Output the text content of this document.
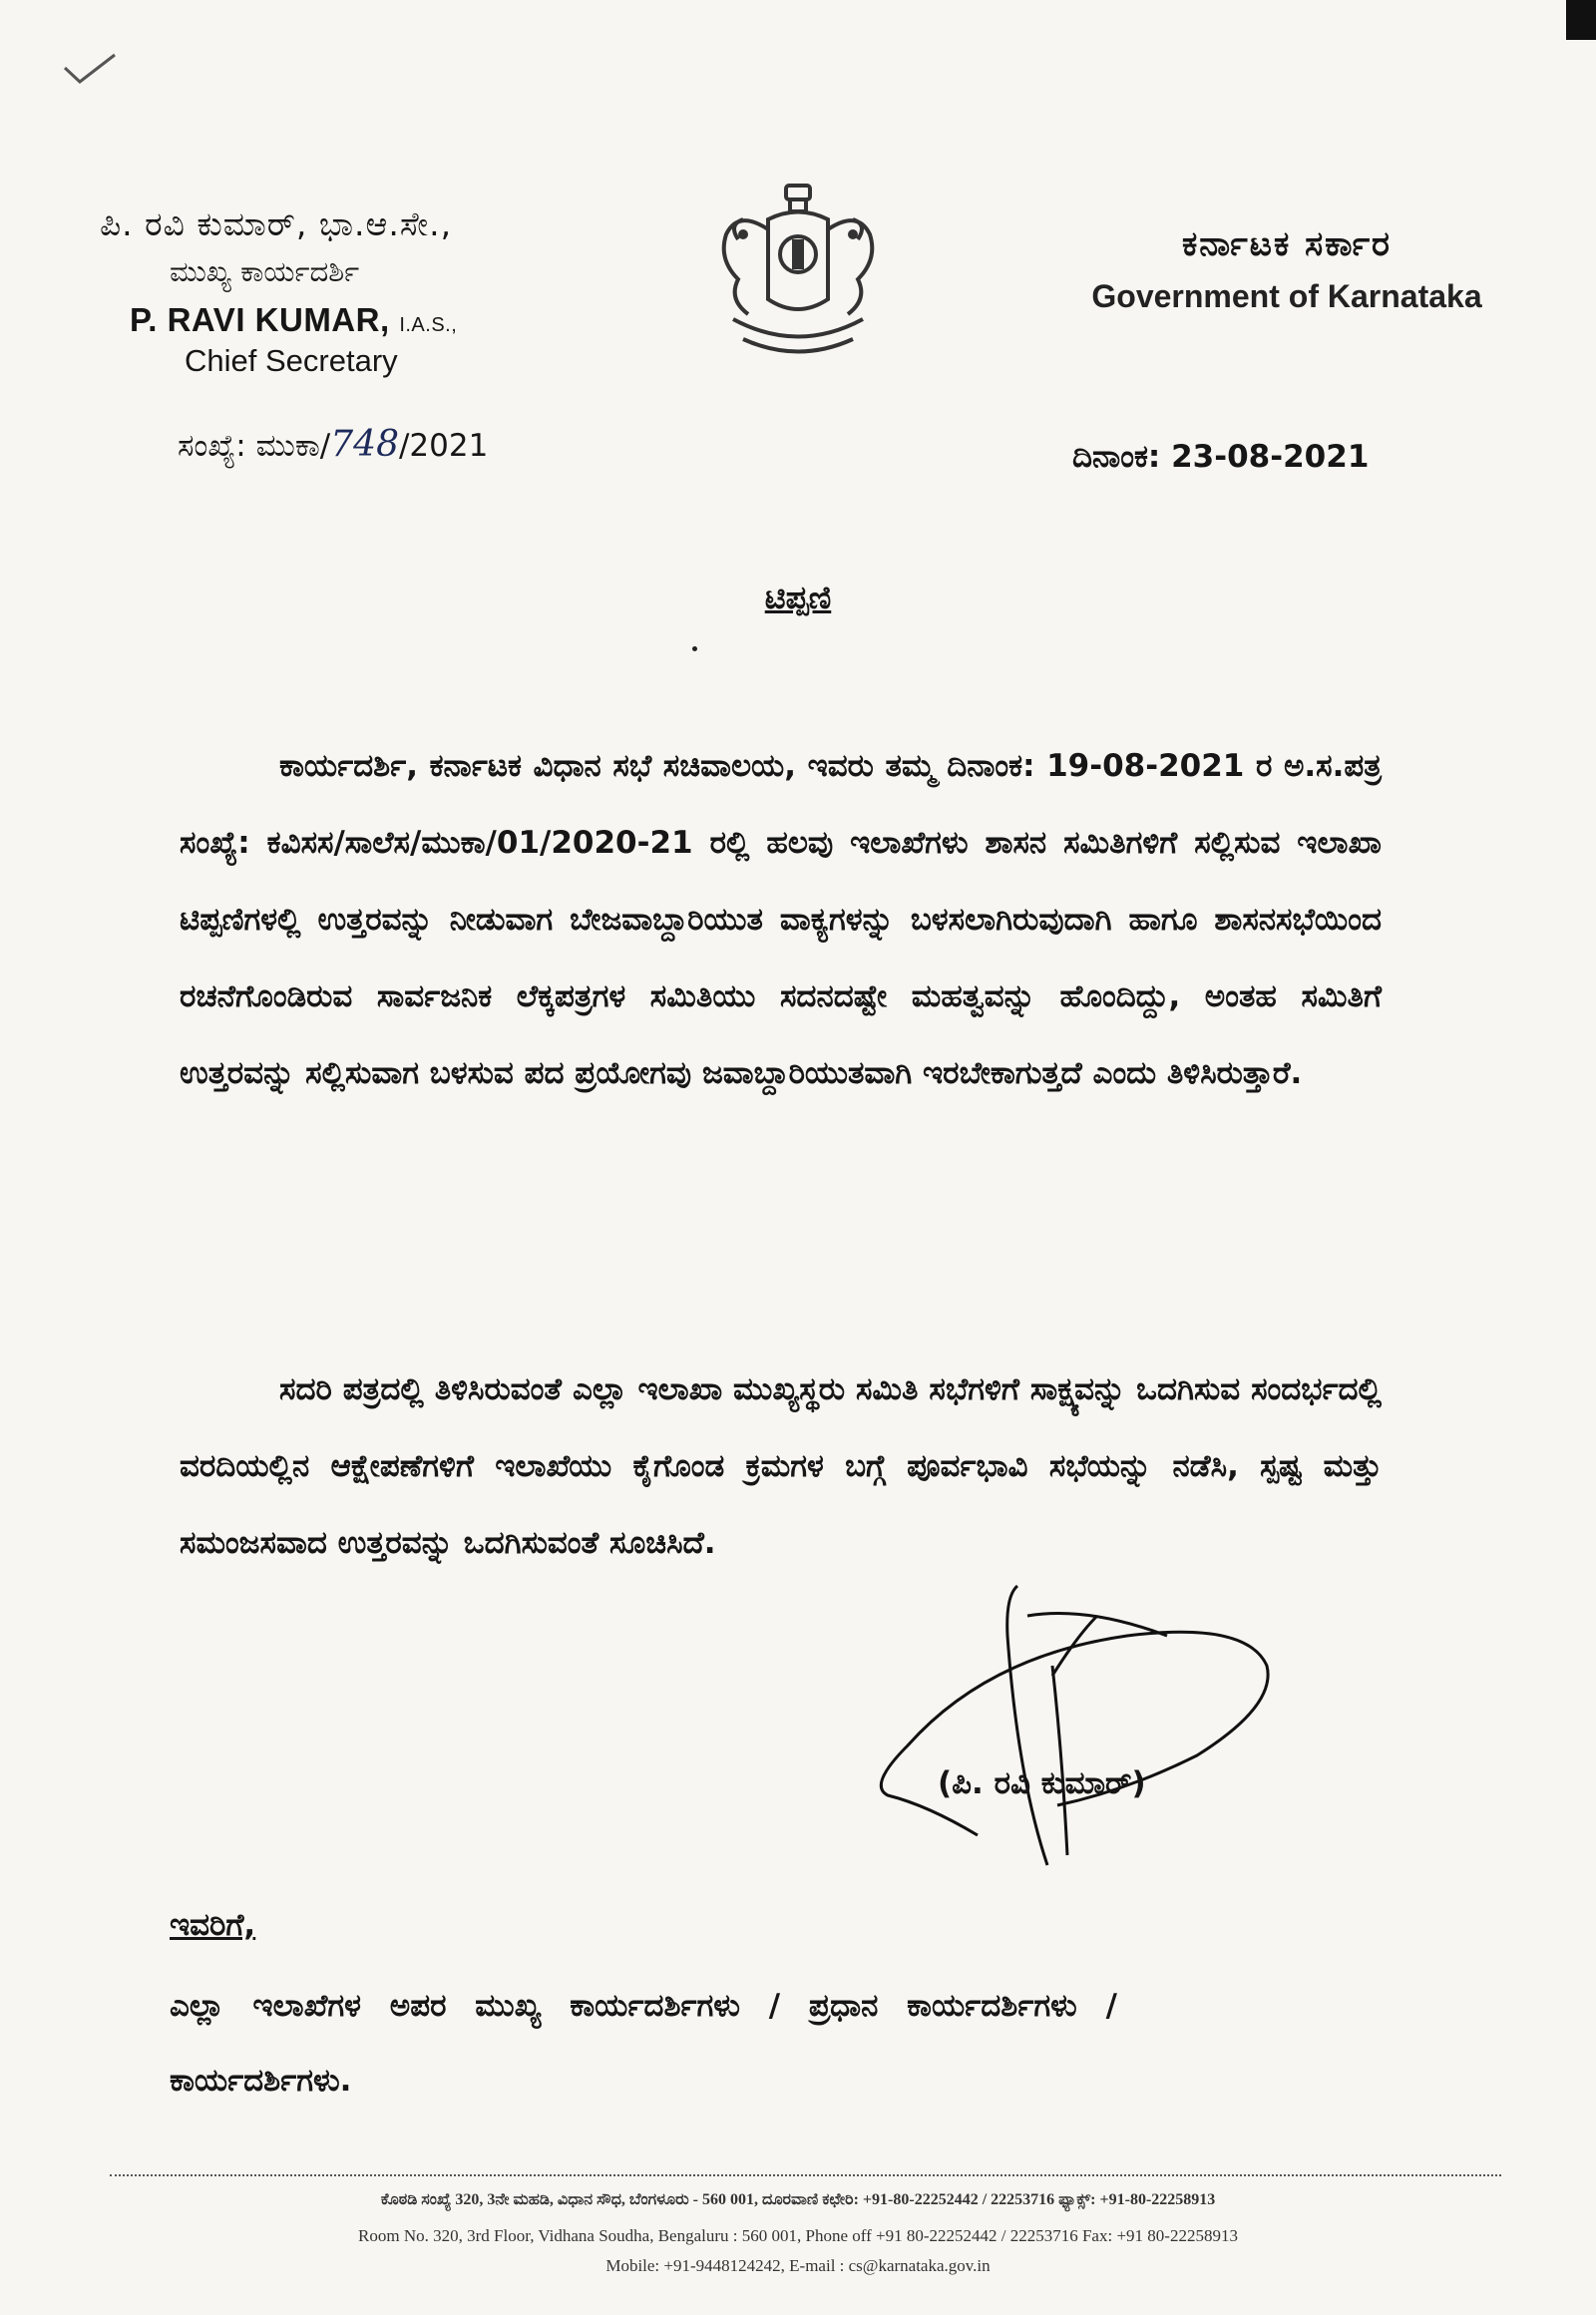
ಪಿ. ರವಿ ಕುಮಾರ್, ಭಾ.ಆ.ಸೇ.,
ಮುಖ್ಯ ಕಾರ್ಯದರ್ಶಿ
P. RAVI KUMAR, I.A.S.,
Chief Secretary
ಕರ್ನಾಟಕ ಸರ್ಕಾರ
Government of Karnataka
ಸಂಖ್ಯೆ: ಮುಕಾ/748/2021	ದಿನಾಂಕ: 23-08-2021
ಟಿಪ್ಪಣಿ
ಕಾರ್ಯದರ್ಶಿ, ಕರ್ನಾಟಕ ವಿಧಾನ ಸಭೆ ಸಚಿವಾಲಯ, ಇವರು ತಮ್ಮ ದಿನಾಂಕ: 19-08-2021 ರ ಅ.ಸ.ಪತ್ರ ಸಂಖ್ಯೆ: ಕವಿಸಸ/ಸಾಲೆಸ/ಮುಕಾ/01/2020-21 ರಲ್ಲಿ ಹಲವು ಇಲಾಖೆಗಳು ಶಾಸನ ಸಮಿತಿಗಳಿಗೆ ಸಲ್ಲಿಸುವ ಇಲಾಖಾ ಟಿಪ್ಪಣಿಗಳಲ್ಲಿ ಉತ್ತರವನ್ನು ನೀಡುವಾಗ ಬೇಜವಾಬ್ದಾರಿಯುತ ವಾಕ್ಯಗಳನ್ನು ಬಳಸಲಾಗಿರುವುದಾಗಿ ಹಾಗೂ ಶಾಸನಸಭೆಯಿಂದ ರಚನೆಗೊಂಡಿರುವ ಸಾರ್ವಜನಿಕ ಲೆಕ್ಕಪತ್ರಗಳ ಸಮಿತಿಯು ಸದನದಷ್ಟೇ ಮಹತ್ವವನ್ನು ಹೊಂದಿದ್ದು, ಅಂತಹ ಸಮಿತಿಗೆ ಉತ್ತರವನ್ನು ಸಲ್ಲಿಸುವಾಗ ಬಳಸುವ ಪದ ಪ್ರಯೋಗವು ಜವಾಬ್ದಾರಿಯುತವಾಗಿ ಇರಬೇಕಾಗುತ್ತದೆ ಎಂದು ತಿಳಿಸಿರುತ್ತಾರೆ.
ಸದರಿ ಪತ್ರದಲ್ಲಿ ತಿಳಿಸಿರುವಂತೆ ಎಲ್ಲಾ ಇಲಾಖಾ ಮುಖ್ಯಸ್ಥರು ಸಮಿತಿ ಸಭೆಗಳಿಗೆ ಸಾಕ್ಷ್ಯವನ್ನು ಒದಗಿಸುವ ಸಂದರ್ಭದಲ್ಲಿ ವರದಿಯಲ್ಲಿನ ಆಕ್ಷೇಪಣೆಗಳಿಗೆ ಇಲಾಖೆಯು ಕೈಗೊಂಡ ಕ್ರಮಗಳ ಬಗ್ಗೆ ಪೂರ್ವಭಾವಿ ಸಭೆಯನ್ನು ನಡೆಸಿ, ಸ್ಪಷ್ಟ ಮತ್ತು ಸಮಂಜಸವಾದ ಉತ್ತರವನ್ನು ಒದಗಿಸುವಂತೆ ಸೂಚಿಸಿದೆ.
(ಪಿ. ರವಿ ಕುಮಾರ್)
ಇವರಿಗೆ,
ಎಲ್ಲಾ ಇಲಾಖೆಗಳ ಅಪರ ಮುಖ್ಯ ಕಾರ್ಯದರ್ಶಿಗಳು / ಪ್ರಧಾನ ಕಾರ್ಯದರ್ಶಿಗಳು /
ಕಾರ್ಯದರ್ಶಿಗಳು.
ಕೊಠಡಿ ಸಂಖ್ಯೆ 320, 3ನೇ ಮಹಡಿ, ವಿಧಾನ ಸೌಧ, ಬೆಂಗಳೂರು - 560 001, ದೂರವಾಣಿ ಕಛೇರಿ: +91-80-22252442 / 22253716 ಫ್ಯಾಕ್ಸ್: +91-80-22258913
Room No. 320, 3rd Floor, Vidhana Soudha, Bengaluru : 560 001, Phone off +91 80-22252442 / 22253716 Fax: +91 80-22258913
Mobile: +91-9448124242, E-mail : cs@karnataka.gov.in
